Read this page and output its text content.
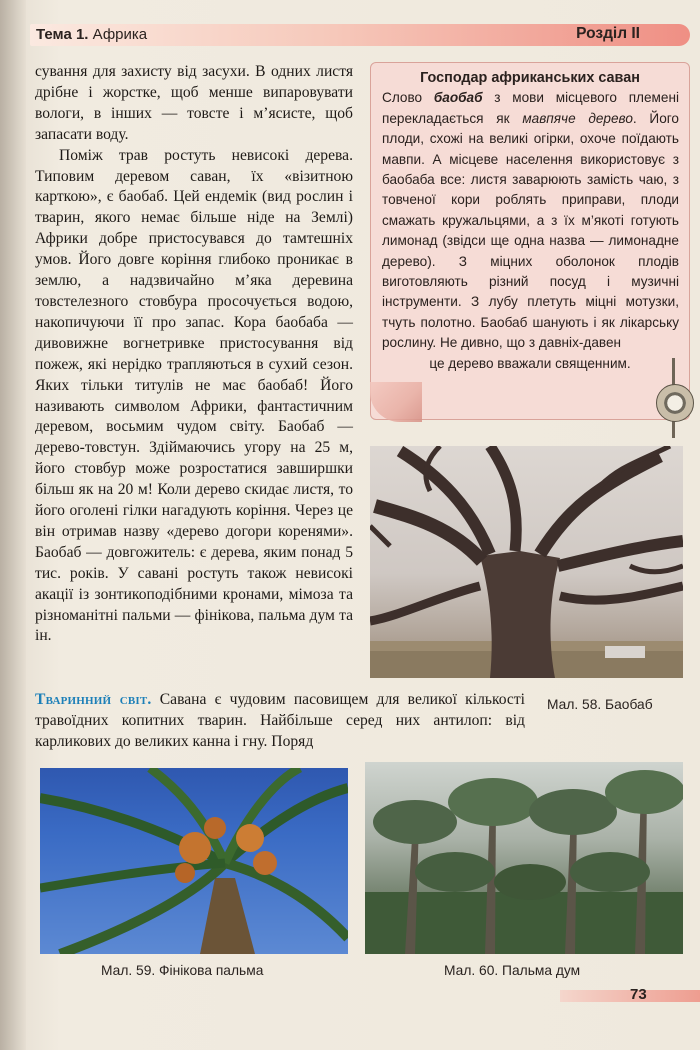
Тема 1. Африка	Розділ II

сування для захисту від засухи. В одних листя дрібне і жорстке, щоб менше випаровувати вологи, в інших — товсте і м’ясисте, щоб запасати воду.

Поміж трав ростуть невисокі дерева. Типовим деревом саван, їх «візитною карткою», є баобаб. Цей ендемік (вид рослин і тварин, якого немає більше ніде на Землі) Африки добре пристосувався до тамтешніх умов. Його довге коріння глибоко проникає в землю, а надзвичайно м’яка деревина товстелезного стовбура просочується водою, накопичуючи її про запас. Кора баобаба — дивовижне вогнетривке пристосування від пожеж, які нерідко трапляються в сухий сезон. Яких тільки титулів не має баобаб! Його називають символом Африки, фантастичним деревом, восьмим чудом світу. Баобаб — дерево-товстун. Здіймаючись угору на 25 м, його стовбур може розростатися завширшки більш як на 20 м! Коли дерево скидає листя, то його оголені гілки нагадують коріння. Через це він отримав назву «дерево догори коренями». Баобаб — довгожитель: є дерева, яким понад 5 тис. років. У савані ростуть також невисокі акації із зонтикоподібними кронами, мімоза та різноманітні пальми — фінікова, пальма дум та ін.

Господар африканських саван
Слово баобаб з мови місцевого племені перекладається як мавпяче дерево. Його плоди, схожі на великі огірки, охоче поїдають мавпи. А місцеве населення використовує з баобаба все: листя заварюють замість чаю, з товченої кори роблять приправи, плоди смажать кружальцями, а з їх м’якоті готують лимонад (звідси ще одна назва — лимонадне дерево). З міцних оболонок плодів виготовляють різний посуд і музичні інструменти. З лубу плетуть міцні мотузки, тчуть полотно. Баобаб шанують і як лікарську рослину. Не дивно, що з давніх-давен
це дерево вважали священним.
Мал. 58. Баобаб
Тваринний світ. Савана є чудовим пасовищем для великої кількості травоїдних копитних тварин. Найбільше серед них антилоп: від карликових до великих канна і гну. Поряд
Мал. 59. Фінікова пальма	Мал. 60. Пальма дум
73
